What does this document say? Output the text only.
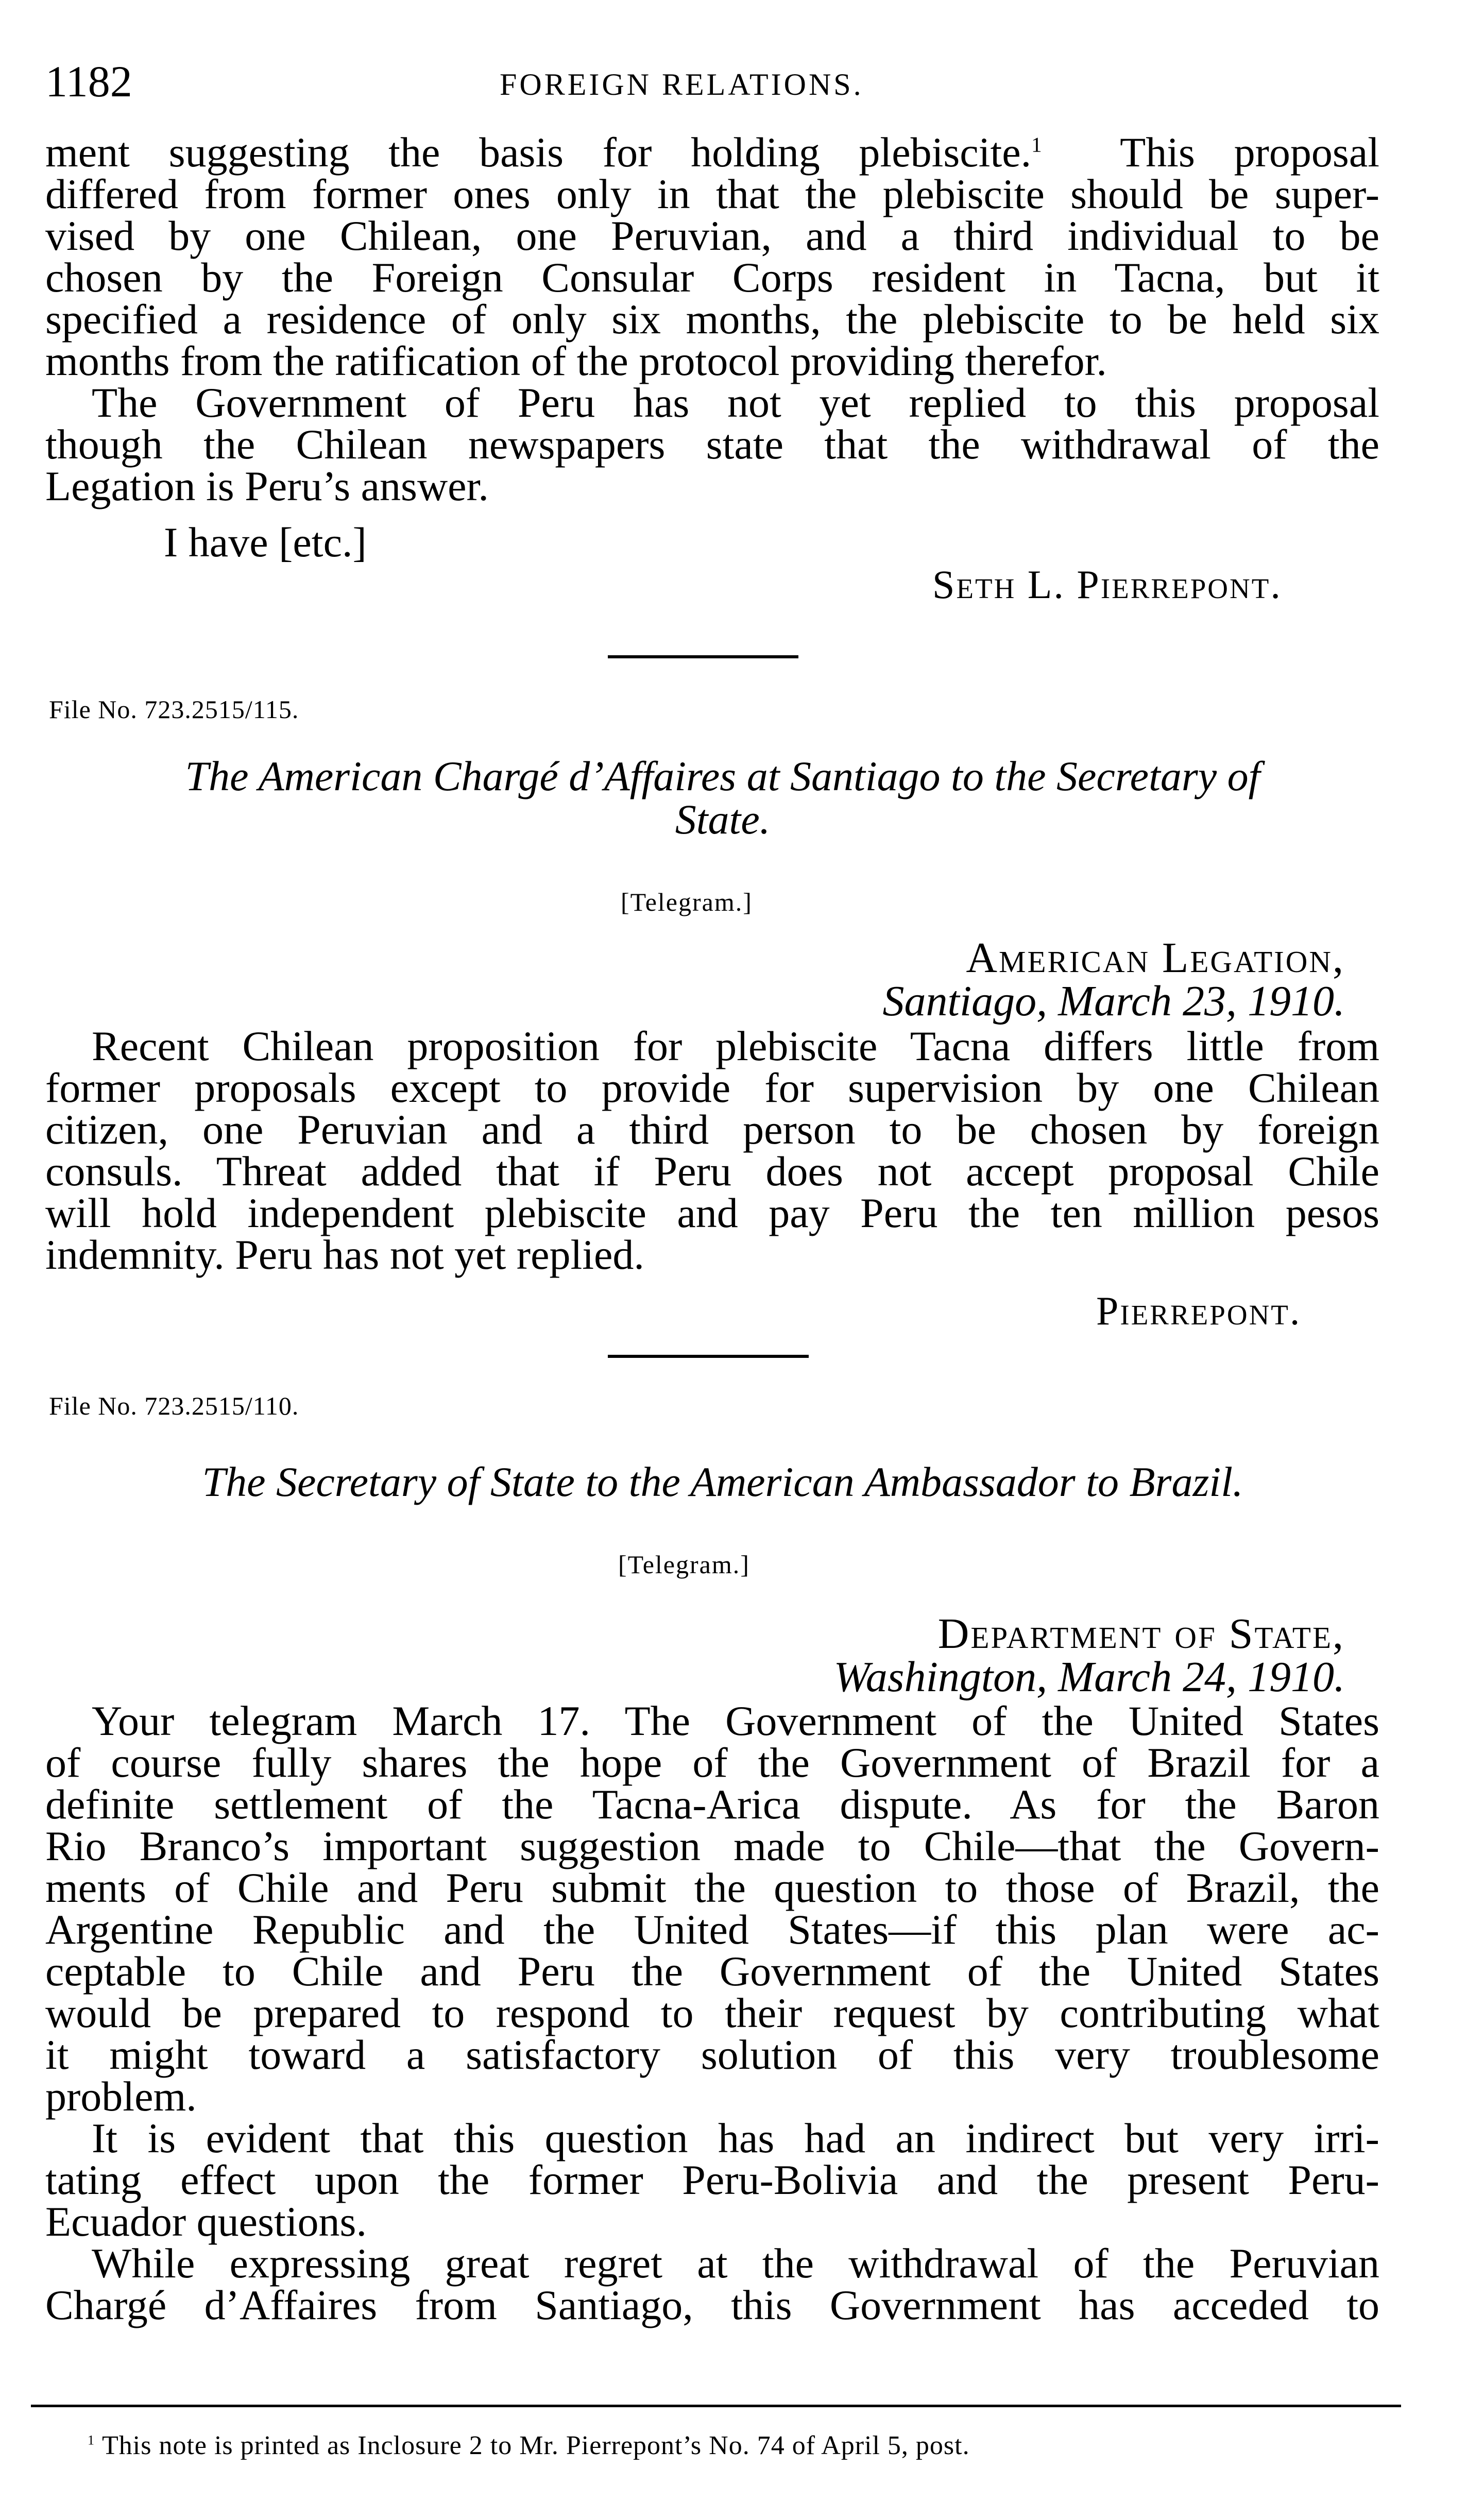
1182	FOREIGN RELATIONS.
ment suggesting the basis for holding plebiscite.$^1$ This proposal
differed from former ones only in that the plebiscite should be super-
vised by one Chilean, one Peruvian, and a third individual to be
chosen by the Foreign Consular Corps resident in Tacna, but it
specified a residence of only six months, the plebiscite to be held six
months from the ratification of the protocol providing therefor.
The Government of Peru has not yet replied to this proposal
though the Chilean newspapers state that the withdrawal of the
Legation is Peru’s answer.
I have [etc.]
Seth L. Pierrepont.
File No. 723.2515/115.
The American Chargé d’Affaires at Santiago to the Secretary of
State.
[Telegram.]
American Legation,
Santiago, March 23, 1910.
Recent Chilean proposition for plebiscite Tacna differs little from
former proposals except to provide for supervision by one Chilean
citizen, one Peruvian and a third person to be chosen by foreign
consuls. Threat added that if Peru does not accept proposal Chile
will hold independent plebiscite and pay Peru the ten million pesos
indemnity. Peru has not yet replied.
Pierrepont.
File No. 723.2515/110.
The Secretary of State to the American Ambassador to Brazil.
[Telegram.]
Department of State,
Washington, March 24, 1910.
Your telegram March 17. The Government of the United States
of course fully shares the hope of the Government of Brazil for a
definite settlement of the Tacna-Arica dispute. As for the Baron
Rio Branco’s important suggestion made to Chile—that the Govern-
ments of Chile and Peru submit the question to those of Brazil, the
Argentine Republic and the United States—if this plan were ac-
ceptable to Chile and Peru the Government of the United States
would be prepared to respond to their request by contributing what
it might toward a satisfactory solution of this very troublesome
problem.
It is evident that this question has had an indirect but very irri-
tating effect upon the former Peru-Bolivia and the present Peru-
Ecuador questions.
While expressing great regret at the withdrawal of the Peruvian
Chargé d’Affaires from Santiago, this Government has acceded to
$^1$ This note is printed as Inclosure 2 to Mr. Pierrepont’s No. 74 of April 5, post.
